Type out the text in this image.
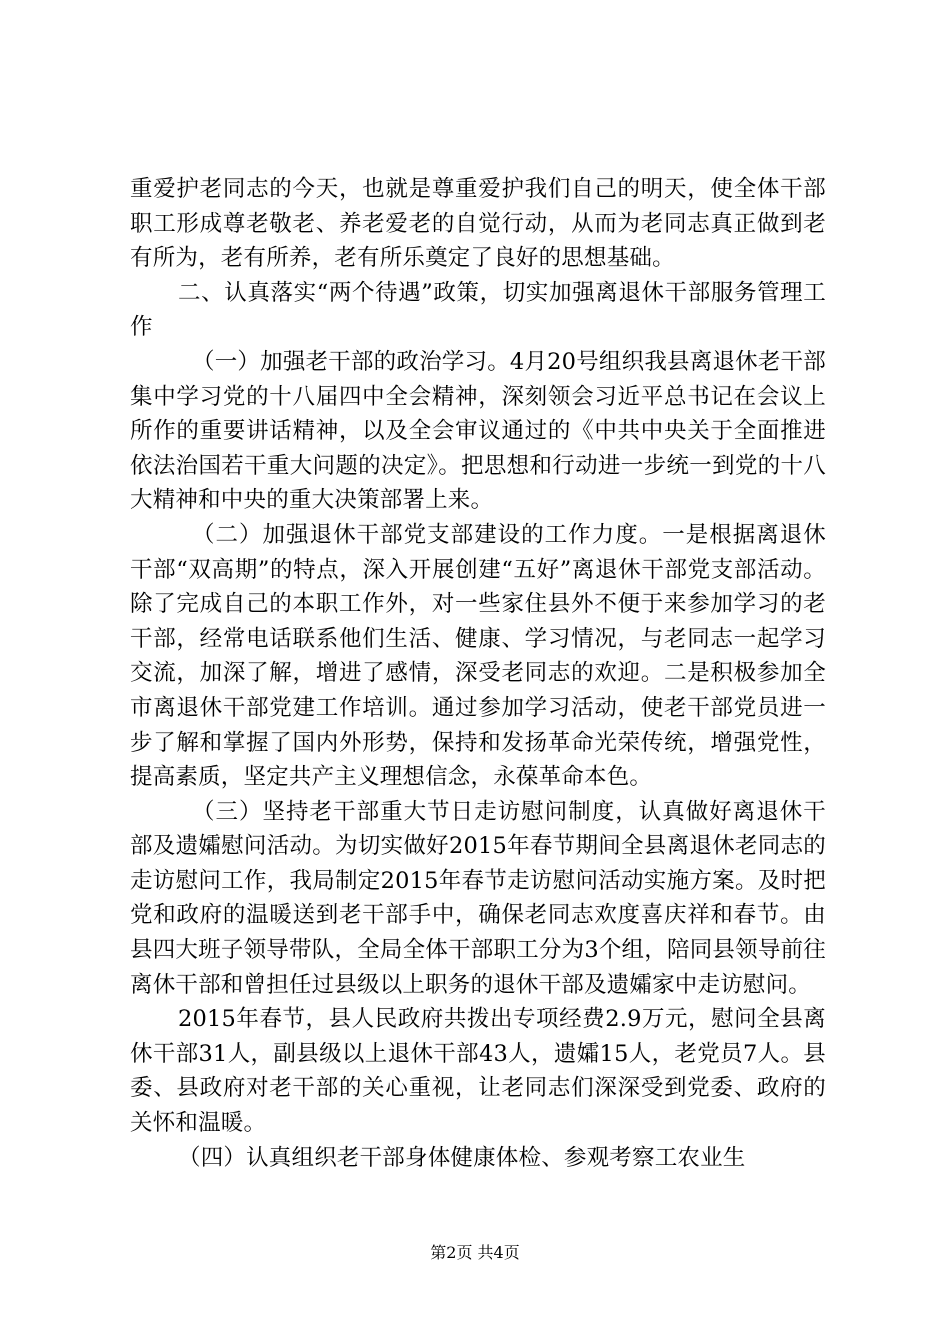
重爱护老同志的今天，也就是尊重爱护我们自己的明天，使全体干部职工形成尊老敬老、养老爱老的自觉行动，从而为老同志真正做到老有所为，老有所养，老有所乐奠定了良好的思想基础。

二、认真落实“两个待遇”政策，切实加强离退休干部服务管理工作

（一）加强老干部的政治学习。4月20号组织我县离退休老干部集中学习党的十八届四中全会精神，深刻领会习近平总书记在会议上所作的重要讲话精神，以及全会审议通过的《中共中央关于全面推进依法治国若干重大问题的决定》。把思想和行动进一步统一到党的十八大精神和中央的重大决策部署上来。

（二）加强退休干部党支部建设的工作力度。一是根据离退休干部“双高期”的特点，深入开展创建“五好”离退休干部党支部活动。除了完成自己的本职工作外，对一些家住县外不便于来参加学习的老干部，经常电话联系他们生活、健康、学习情况，与老同志一起学习交流，加深了解，增进了感情，深受老同志的欢迎。二是积极参加全市离退休干部党建工作培训。通过参加学习活动，使老干部党员进一步了解和掌握了国内外形势，保持和发扬革命光荣传统，增强党性，提高素质，坚定共产主义理想信念，永葆革命本色。

（三）坚持老干部重大节日走访慰问制度，认真做好离退休干部及遗孀慰问活动。为切实做好2015年春节期间全县离退休老同志的走访慰问工作，我局制定2015年春节走访慰问活动实施方案。及时把党和政府的温暖送到老干部手中，确保老同志欢度喜庆祥和春节。由县四大班子领导带队，全局全体干部职工分为3个组，陪同县领导前往离休干部和曾担任过县级以上职务的退休干部及遗孀家中走访慰问。

2015年春节，县人民政府共拨出专项经费2.9万元，慰问全县离休干部31人，副县级以上退休干部43人，遗孀15人，老党员7人。县委、县政府对老干部的关心重视，让老同志们深深受到党委、政府的关怀和温暖。

（四）认真组织老干部身体健康体检、参观考察工农业生

第2页 共4页
